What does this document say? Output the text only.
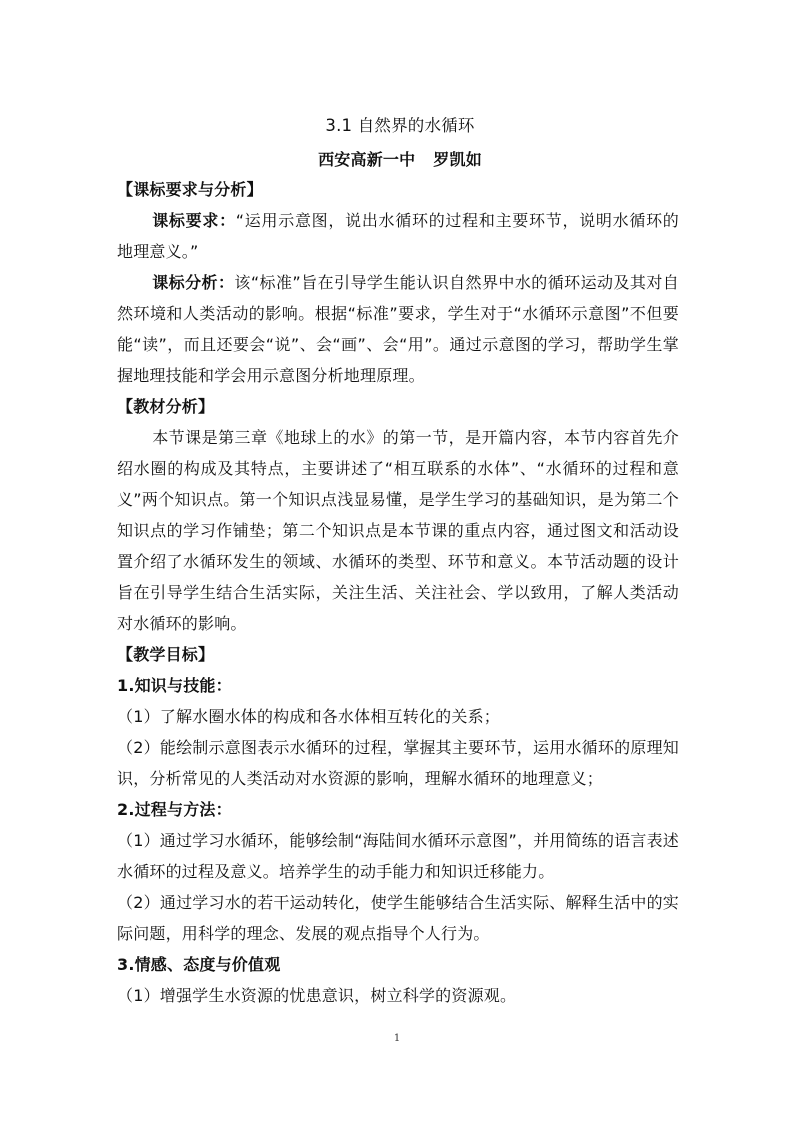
3.1 自然界的水循环
西安高新一中 罗凯如
【课标要求与分析】

课标要求：“运用示意图，说出水循环的过程和主要环节，说明水循环的地理意义。”

课标分析：该“标准”旨在引导学生能认识自然界中水的循环运动及其对自然环境和人类活动的影响。根据“标准”要求，学生对于“水循环示意图”不但要能“读”，而且还要会“说”、会“画”、会“用”。通过示意图的学习，帮助学生掌握地理技能和学会用示意图分析地理原理。

【教材分析】

本节课是第三章《地球上的水》的第一节，是开篇内容，本节内容首先介绍水圈的构成及其特点，主要讲述了“相互联系的水体”、“水循环的过程和意义”两个知识点。第一个知识点浅显易懂，是学生学习的基础知识，是为第二个知识点的学习作铺垫；第二个知识点是本节课的重点内容，通过图文和活动设置介绍了水循环发生的领域、水循环的类型、环节和意义。本节活动题的设计旨在引导学生结合生活实际，关注生活、关注社会、学以致用，了解人类活动对水循环的影响。

【教学目标】
1.知识与技能：

（1）了解水圈水体的构成和各水体相互转化的关系；

（2）能绘制示意图表示水循环的过程，掌握其主要环节，运用水循环的原理知识，分析常见的人类活动对水资源的影响，理解水循环的地理意义；

2.过程与方法：

（1）通过学习水循环，能够绘制“海陆间水循环示意图”，并用简练的语言表述水循环的过程及意义。培养学生的动手能力和知识迁移能力。

（2）通过学习水的若干运动转化，使学生能够结合生活实际、解释生活中的实际问题，用科学的理念、发展的观点指导个人行为。

3.情感、态度与价值观

（1）增强学生水资源的忧患意识，树立科学的资源观。

1
